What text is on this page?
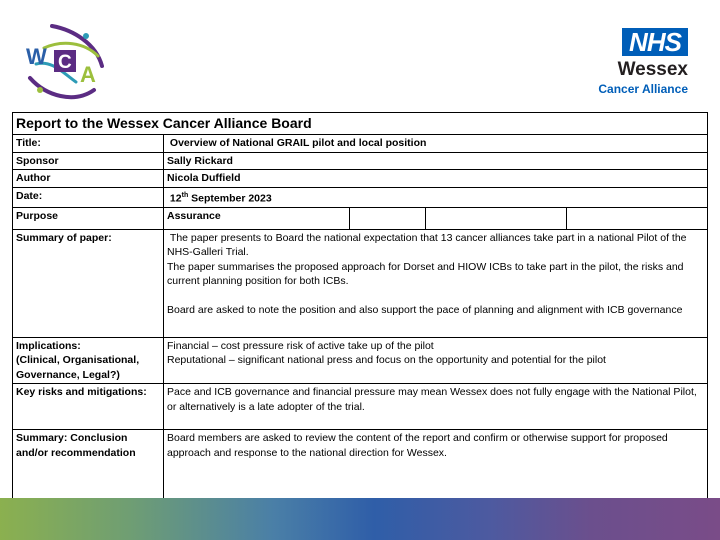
W C A
NHS
Wessex
Cancer Alliance
Report to the Wessex Cancer Alliance Board				
Title:	Overview of National GRAIL pilot and local position			
Sponsor	Sally Rickard			
Author	Nicola Duffield			
Date:	12th September 2023			
Purpose	Assurance			
Summary of paper:	The paper presents to Board the national expectation that 13 cancer alliances take part in a national Pilot of the NHS-Galleri Trial.
The paper summarises the proposed approach for Dorset and HIOW ICBs to take part in the pilot, the risks and current planning position for both ICBs.
Board are asked to note the position and also support the pace of planning and alignment with ICB governance			

Implications:
(Clinical, Organisational, Governance, Legal?)	Financial – cost pressure risk of active take up of the pilot
Reputational – significant national press and focus on the opportunity and potential for the pilot			

Key risks and mitigations:	Pace and ICB governance and financial pressure may mean Wessex does not fully engage with the National Pilot, or alternatively is a late adopter of the trial.			
Summary: Conclusion and/or recommendation	Board members are asked to review the content of the report and confirm or otherwise support for proposed approach and response to the national direction for Wessex.			
